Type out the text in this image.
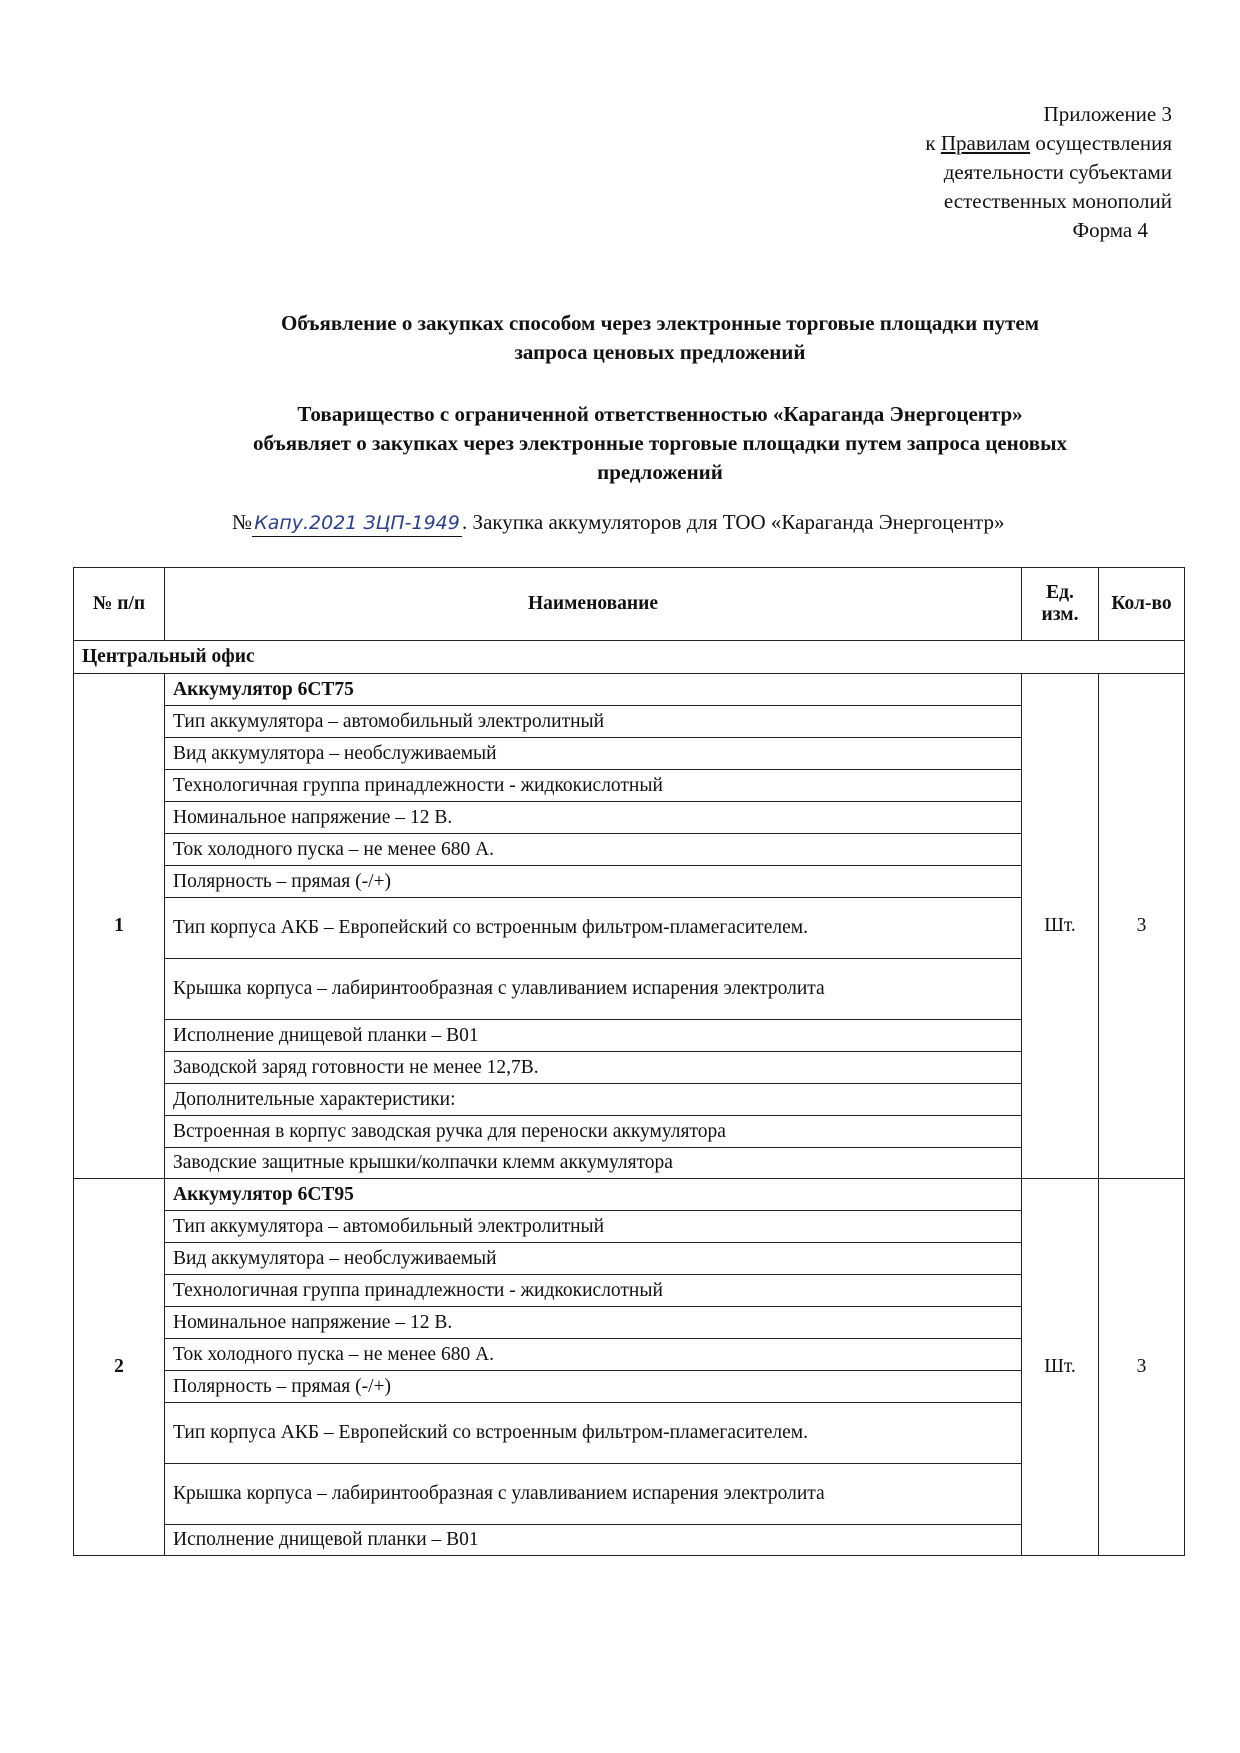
Приложение 3
к Правилам осуществления
деятельности субъектами
естественных монополий
Форма 4
Объявление о закупках способом через электронные торговые площадки путем
запроса ценовых предложений
Товарищество с ограниченной ответственностью «Караганда Энергоцентр»
объявляет о закупках через электронные торговые площадки путем запроса ценовых
предложений
№ Капу.2021 ЗЦП-1949 . Закупка аккумуляторов для ТОО «Караганда Энергоцентр»
№ п/п	Наименование	Ед. изм.	Кол-во
Центральный офис			
1	Аккумулятор 6СТ75	Шт.	3
	Тип аккумулятора – автомобильный электролитный		
	Вид аккумулятора – необслуживаемый		
	Технологичная группа принадлежности - жидкокислотный		
	Номинальное напряжение – 12 В.		
	Ток холодного пуска – не менее 680 А.		
	Полярность – прямая (-/+)		
	Тип корпуса АКБ – Европейский со встроенным фильтром-пламегасителем.		
	Крышка корпуса – лабиринтообразная с улавливанием испарения электролита		
	Исполнение днищевой планки – B01		
	Заводской заряд готовности не менее 12,7В.		
	Дополнительные характеристики:		
	Встроенная в корпус заводская ручка для переноски аккумулятора		
	Заводские защитные крышки/колпачки клемм аккумулятора		
2	Аккумулятор 6СТ95	Шт.	3
	Тип аккумулятора – автомобильный электролитный		
	Вид аккумулятора – необслуживаемый		
	Технологичная группа принадлежности - жидкокислотный		
	Номинальное напряжение – 12 В.		
	Ток холодного пуска – не менее 680 А.		
	Полярность – прямая (-/+)		
	Тип корпуса АКБ – Европейский со встроенным фильтром-пламегасителем.		
	Крышка корпуса – лабиринтообразная с улавливанием испарения электролита		
	Исполнение днищевой планки – B01		
